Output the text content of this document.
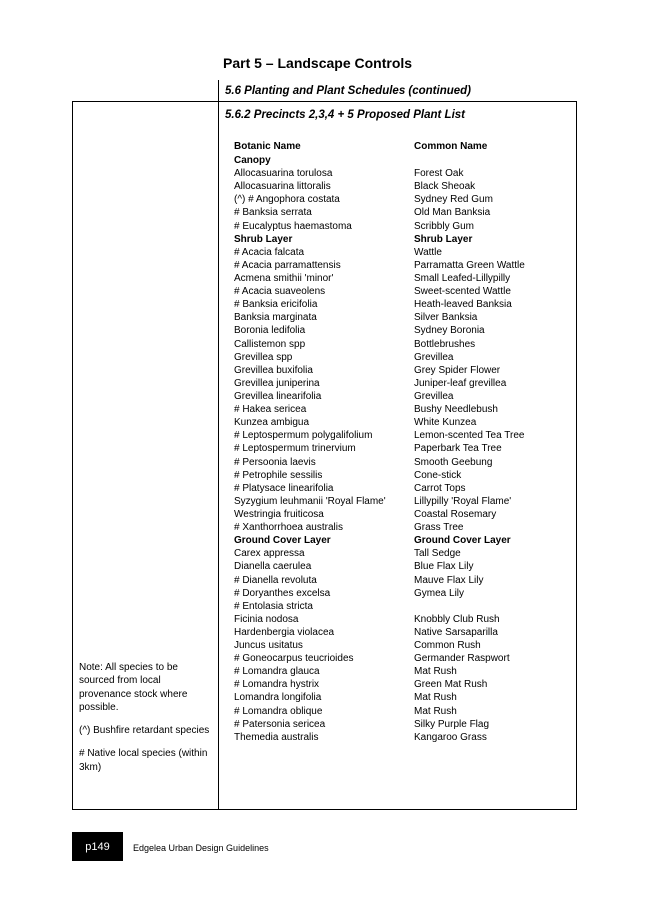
Part 5 – Landscape Controls
5.6 Planting and Plant Schedules (continued)
5.6.2 Precincts 2,3,4 + 5 Proposed Plant List
Botanic Name	Common Name
Canopy
Allocasuarina torulosa	Forest Oak
Allocasuarina littoralis	Black Sheoak
(^) # Angophora costata	Sydney Red Gum
# Banksia serrata	Old Man Banksia
# Eucalyptus haemastoma	Scribbly Gum
Shrub Layer	Shrub Layer
# Acacia falcata	Wattle
# Acacia parramattensis	Parramatta Green Wattle
Acmena smithii 'minor'	Small Leafed-Lillypilly
# Acacia suaveolens	Sweet-scented Wattle
# Banksia ericifolia	Heath-leaved Banksia
Banksia marginata	Silver Banksia
Boronia ledifolia	Sydney Boronia
Callistemon spp	Bottlebrushes
Grevillea spp	Grevillea
Grevillea buxifolia	Grey Spider Flower
Grevillea juniperina	Juniper-leaf grevillea
Grevillea linearifolia	Grevillea
# Hakea sericea	Bushy Needlebush
Kunzea ambigua	White Kunzea
# Leptospermum polygalifolium	Lemon-scented Tea Tree
# Leptospermum trinervium	Paperbark Tea Tree
# Persoonia laevis	Smooth Geebung
# Petrophile sessilis	Cone-stick
# Platysace linearifolia	Carrot Tops
Syzygium leuhmanii 'Royal Flame'	Lillypilly 'Royal Flame'
Westringia fruiticosa	Coastal Rosemary
# Xanthorrhoea australis	Grass Tree
Ground Cover Layer	Ground Cover Layer
Carex appressa	Tall Sedge
Dianella caerulea	Blue Flax Lily
# Dianella revoluta	Mauve Flax Lily
# Doryanthes excelsa	Gymea Lily
# Entolasia stricta
Ficinia nodosa	Knobbly Club Rush
Hardenbergia violacea	Native Sarsaparilla
Juncus usitatus	Common Rush
# Goneocarpus teucrioides	Germander Raspwort
# Lomandra glauca	Mat Rush
# Lomandra hystrix	Green Mat Rush
Lomandra longifolia	Mat Rush
# Lomandra oblique	Mat Rush
# Patersonia sericea	Silky Purple Flag
Themedia australis	Kangaroo Grass

Note: All species to be sourced from local provenance stock where possible.

(^) Bushfire retardant species

# Native local species (within 3km)

p149	Edgelea Urban Design Guidelines
